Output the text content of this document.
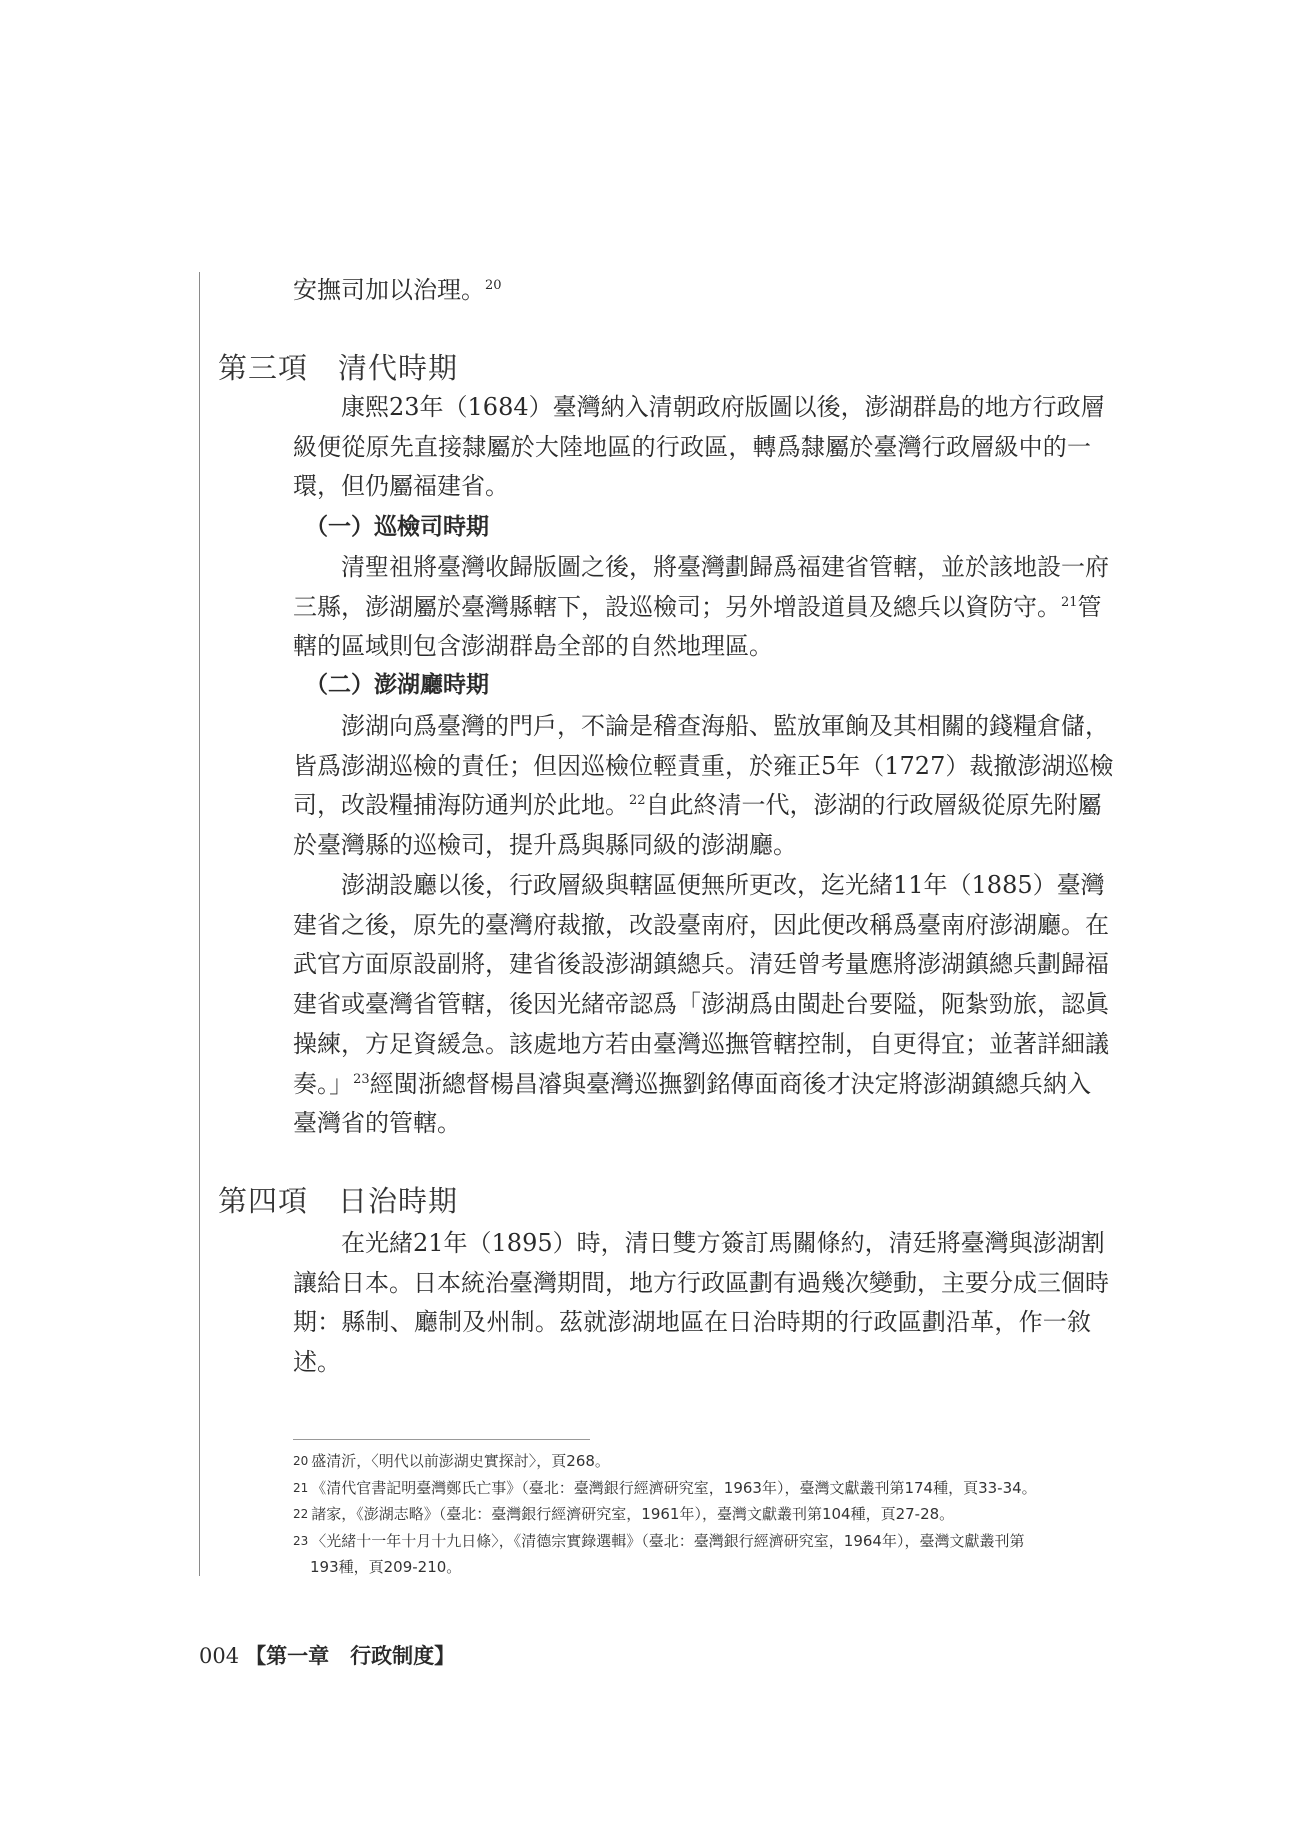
安撫司加以治理。$^{20}$
第三項 清代時期
康熙23年（1684）臺灣納入清朝政府版圖以後，澎湖群島的地方行政層
級便從原先直接隸屬於大陸地區的行政區，轉爲隸屬於臺灣行政層級中的一
環，但仍屬福建省。
（一）巡檢司時期
清聖祖將臺灣收歸版圖之後，將臺灣劃歸爲福建省管轄，並於該地設一府
三縣，澎湖屬於臺灣縣轄下，設巡檢司；另外增設道員及總兵以資防守。$^{21}$管
轄的區域則包含澎湖群島全部的自然地理區。
（二）澎湖廳時期
澎湖向爲臺灣的門戶，不論是稽查海船、監放軍餉及其相關的錢糧倉儲，
皆爲澎湖巡檢的責任；但因巡檢位輕責重，於雍正5年（1727）裁撤澎湖巡檢
司，改設糧捕海防通判於此地。$^{22}$自此終清一代，澎湖的行政層級從原先附屬
於臺灣縣的巡檢司，提升爲與縣同級的澎湖廳。
澎湖設廳以後，行政層級與轄區便無所更改，迄光緒11年（1885）臺灣
建省之後，原先的臺灣府裁撤，改設臺南府，因此便改稱爲臺南府澎湖廳。在
武官方面原設副將，建省後設澎湖鎮總兵。清廷曾考量應將澎湖鎮總兵劃歸福
建省或臺灣省管轄，後因光緒帝認爲「澎湖爲由閩赴台要隘，阨紮勁旅，認眞
操練，方足資緩急。該處地方若由臺灣巡撫管轄控制，自更得宜；並著詳細議
奏。」$^{23}$經閩浙總督楊昌濬與臺灣巡撫劉銘傳面商後才決定將澎湖鎮總兵納入
臺灣省的管轄。
第四項 日治時期
在光緒21年（1895）時，清日雙方簽訂馬關條約，清廷將臺灣與澎湖割
讓給日本。日本統治臺灣期間，地方行政區劃有過幾次變動，主要分成三個時
期：縣制、廳制及州制。茲就澎湖地區在日治時期的行政區劃沿革，作一敘
述。
$^{20}$ 盛清沂，〈明代以前澎湖史實探討〉，頁268。
$^{21}$ 《清代官書記明臺灣鄭氏亡事》（臺北：臺灣銀行經濟研究室，1963年），臺灣文獻叢刊第174種，頁33-34。
$^{22}$ 諸家，《澎湖志略》（臺北：臺灣銀行經濟研究室，1961年），臺灣文獻叢刊第104種，頁27-28。
$^{23}$ 〈光緒十一年十月十九日條〉，《清德宗實錄選輯》（臺北：臺灣銀行經濟研究室，1964年），臺灣文獻叢刊第
193種，頁209-210。
004 【第一章　行政制度】
